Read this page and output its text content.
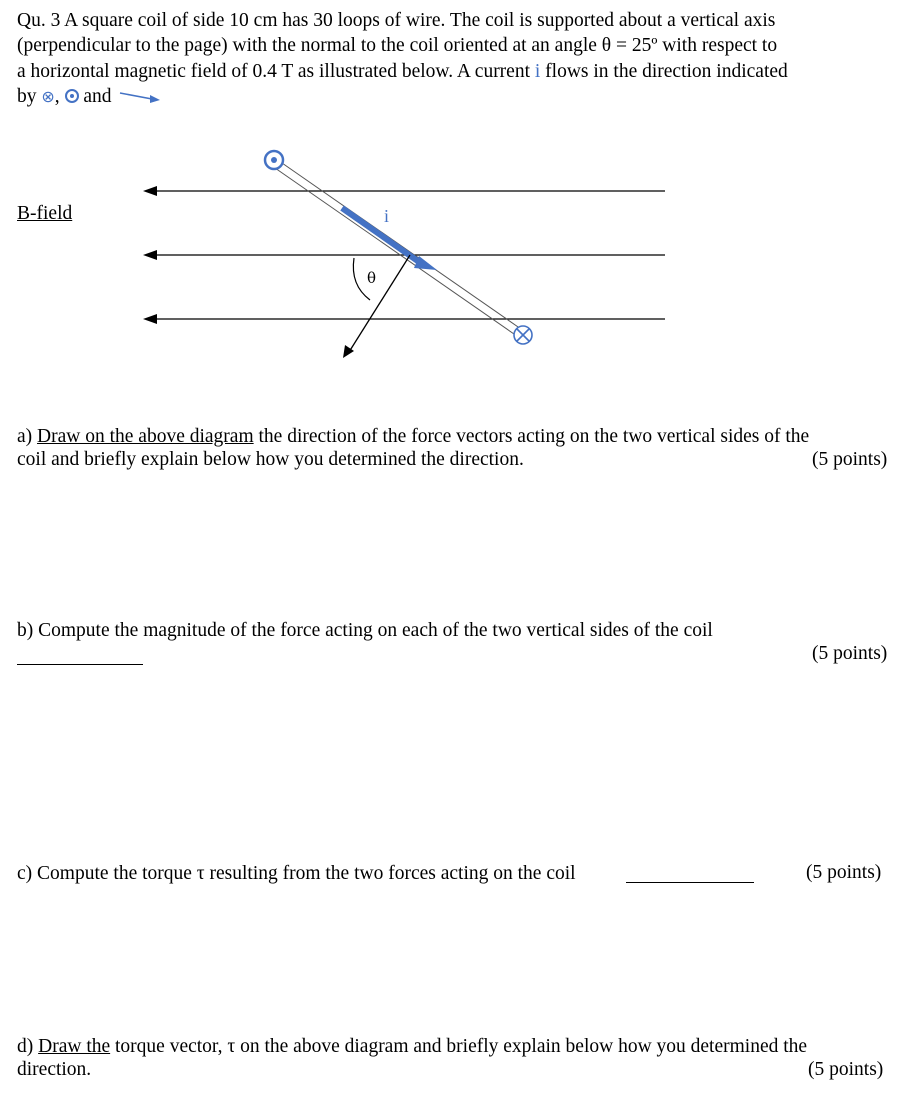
Qu. 3 A square coil of side 10 cm has 30 loops of wire. The coil is supported about a vertical axis
(perpendicular to the page) with the normal to the coil oriented at an angle θ = 25º with respect to
a horizontal magnetic field of 0.4 T as illustrated below. A current i flows in the direction indicated
by ⊗,  and
i
θ
B-field
a) Draw on the above diagram the direction of the force vectors acting on the two vertical sides of the
coil and briefly explain below how you determined the direction.	(5 points)
b) Compute the magnitude of the force acting on each of the two vertical sides of the coil
(5 points)
c) Compute the torque τ resulting from the two forces acting on the coil	(5 points)
d) Draw the torque vector, τ on the above diagram and briefly explain below how you determined the
direction.	(5 points)
